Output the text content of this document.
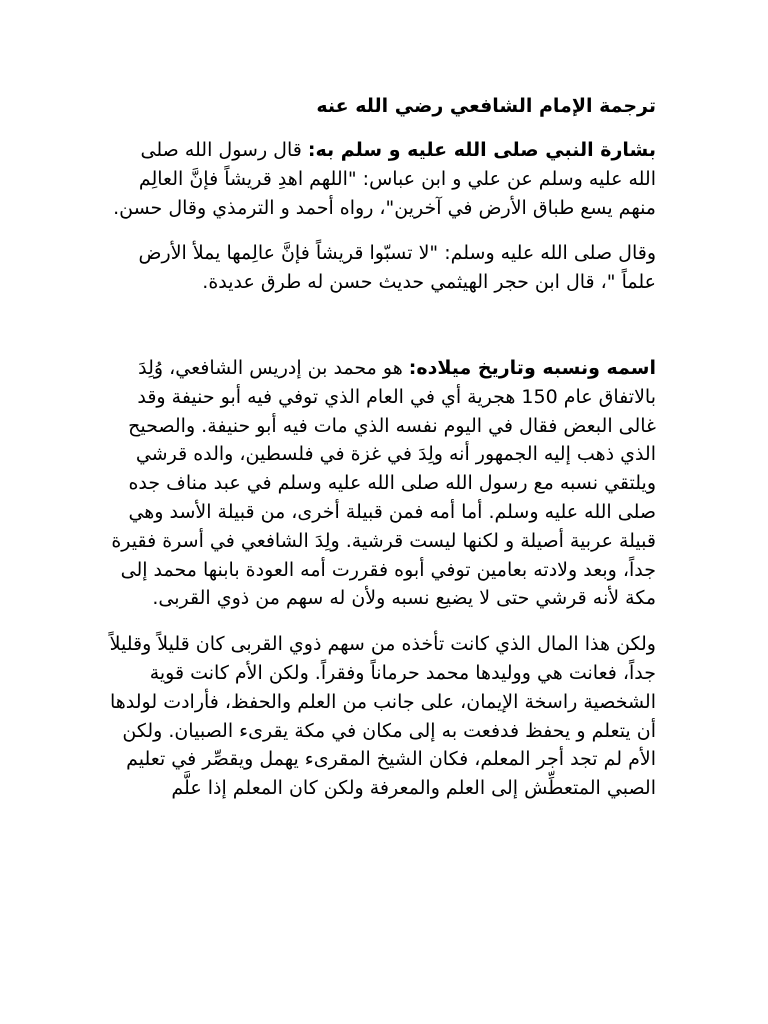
ترجمة الإمام الشافعي رضي الله عنه

بشارة النبي صلى الله عليه و سلم به: قال رسول الله صلى الله عليه وسلم عن علي و ابن عباس: "اللهم اهدِ قريشاً فإنَّ العالِم منهم يسع طباق الأرض في آخرين"، رواه أحمد و الترمذي وقال حسن.

وقال صلى الله عليه وسلم: "لا تسبّوا قريشاً فإنَّ عالِمها يملأ الأرض علماً "، قال ابن حجر الهيثمي حديث حسن له طرق عديدة.

اسمه ونسبه وتاريخ ميلاده: هو محمد بن إدريس الشافعي، وُلِدَ بالاتفاق عام 150 هجرية أي في العام الذي توفي فيه أبو حنيفة وقد غالى البعض فقال في اليوم نفسه الذي مات فيه أبو حنيفة. والصحيح الذي ذهب إليه الجمهور أنه ولِدَ في غزة في فلسطين، والده قرشي ويلتقي نسبه مع رسول الله صلى الله عليه وسلم في عبد مناف جده صلى الله عليه وسلم. أما أمه فمن قبيلة أخرى، من قبيلة الأسد وهي قبيلة عربية أصيلة و لكنها ليست قرشية. ولِدَ الشافعي في أسرة فقيرة جداً، وبعد ولادته بعامين توفي أبوه فقررت أمه العودة بابنها محمد إلى مكة لأنه قرشي حتى لا يضيع نسبه ولأن له سهم من ذوي القربى.

ولكن هذا المال الذي كانت تأخذه من سهم ذوي القربى كان قليلاً وقليلاً جداً، فعانت هي ووليدها محمد حرماناً وفقراً. ولكن الأم كانت قوية الشخصية راسخة الإيمان، على جانب من العلم والحفظ، فأرادت لولدها أن يتعلم و يحفظ فدفعت به إلى مكان في مكة يقرىء الصبيان. ولكن الأم لم تجد أجر المعلم، فكان الشيخ المقرىء يهمل ويقصِّر في تعليم الصبي المتعطِّش إلى العلم والمعرفة ولكن كان المعلم إذا علَّم
